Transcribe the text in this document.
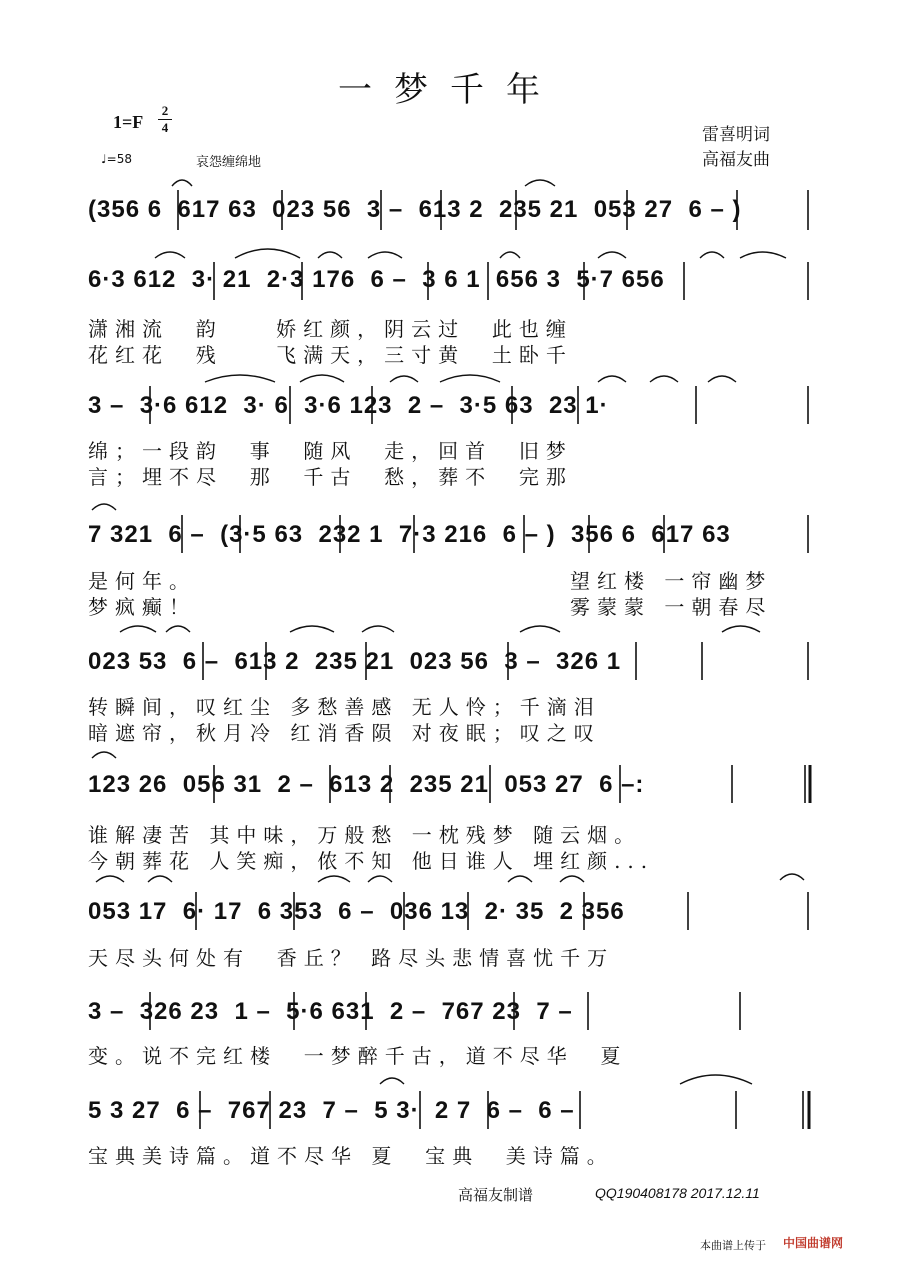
一梦千年
1=F
2
4
♩=58	哀怨缠绵地
雷喜明词
高福友曲
(356 6  617 63  023 56  3 –  613 2  235 21  053 27  6 – )
6·3 612  3· 21  2·3 176  6 –  3 6 1  656 3  5·7 656
潇湘流  韵    娇红颜，阴云过  此也缠
花红花  残    飞满天，三寸黄  土卧千
3 –  3·6 612  3· 6  3·6 123  2 –  3·5 63  23 1·
绵；一段韵  事  随风  走，回首  旧梦
言；埋不尽  那  千古  愁，葬不  完那
7 321  6 –  (3·5 63  232 1  7·3 216  6 – )  356 6  617 63
是何年。                            望红楼 一帘幽梦
梦疯癫！                            雾蒙蒙 一朝春尽
023 53  6 –  613 2  235 21  023 56  3 –  326 1
转瞬间，叹红尘 多愁善感 无人怜；千滴泪
暗遮帘，秋月冷 红消香陨 对夜眠；叹之叹
123 26  056 31  2 –  613 2  235 21  053 27  6 –:
谁解凄苦 其中味，万般愁 一枕残梦 随云烟。
今朝葬花 人笑痴，侬不知 他日谁人 埋红颜...
053 17  6· 17  6 353  6 –  036 13  2· 35  2 356
天尽头何处有  香丘？ 路尽头悲情喜忧千万
3 –  326 23  1 –  5·6 631  2 –  767 23  7 –
变。说不完红楼  一梦醉千古，道不尽华  夏
5 3 27  6 –  767 23  7 –  5 3·  2 7  6 –  6 –
宝典美诗篇。道不尽华 夏  宝典  美诗篇。
高福友制谱	QQ190408178 2017.12.11
本曲谱上传于 中国曲谱网
